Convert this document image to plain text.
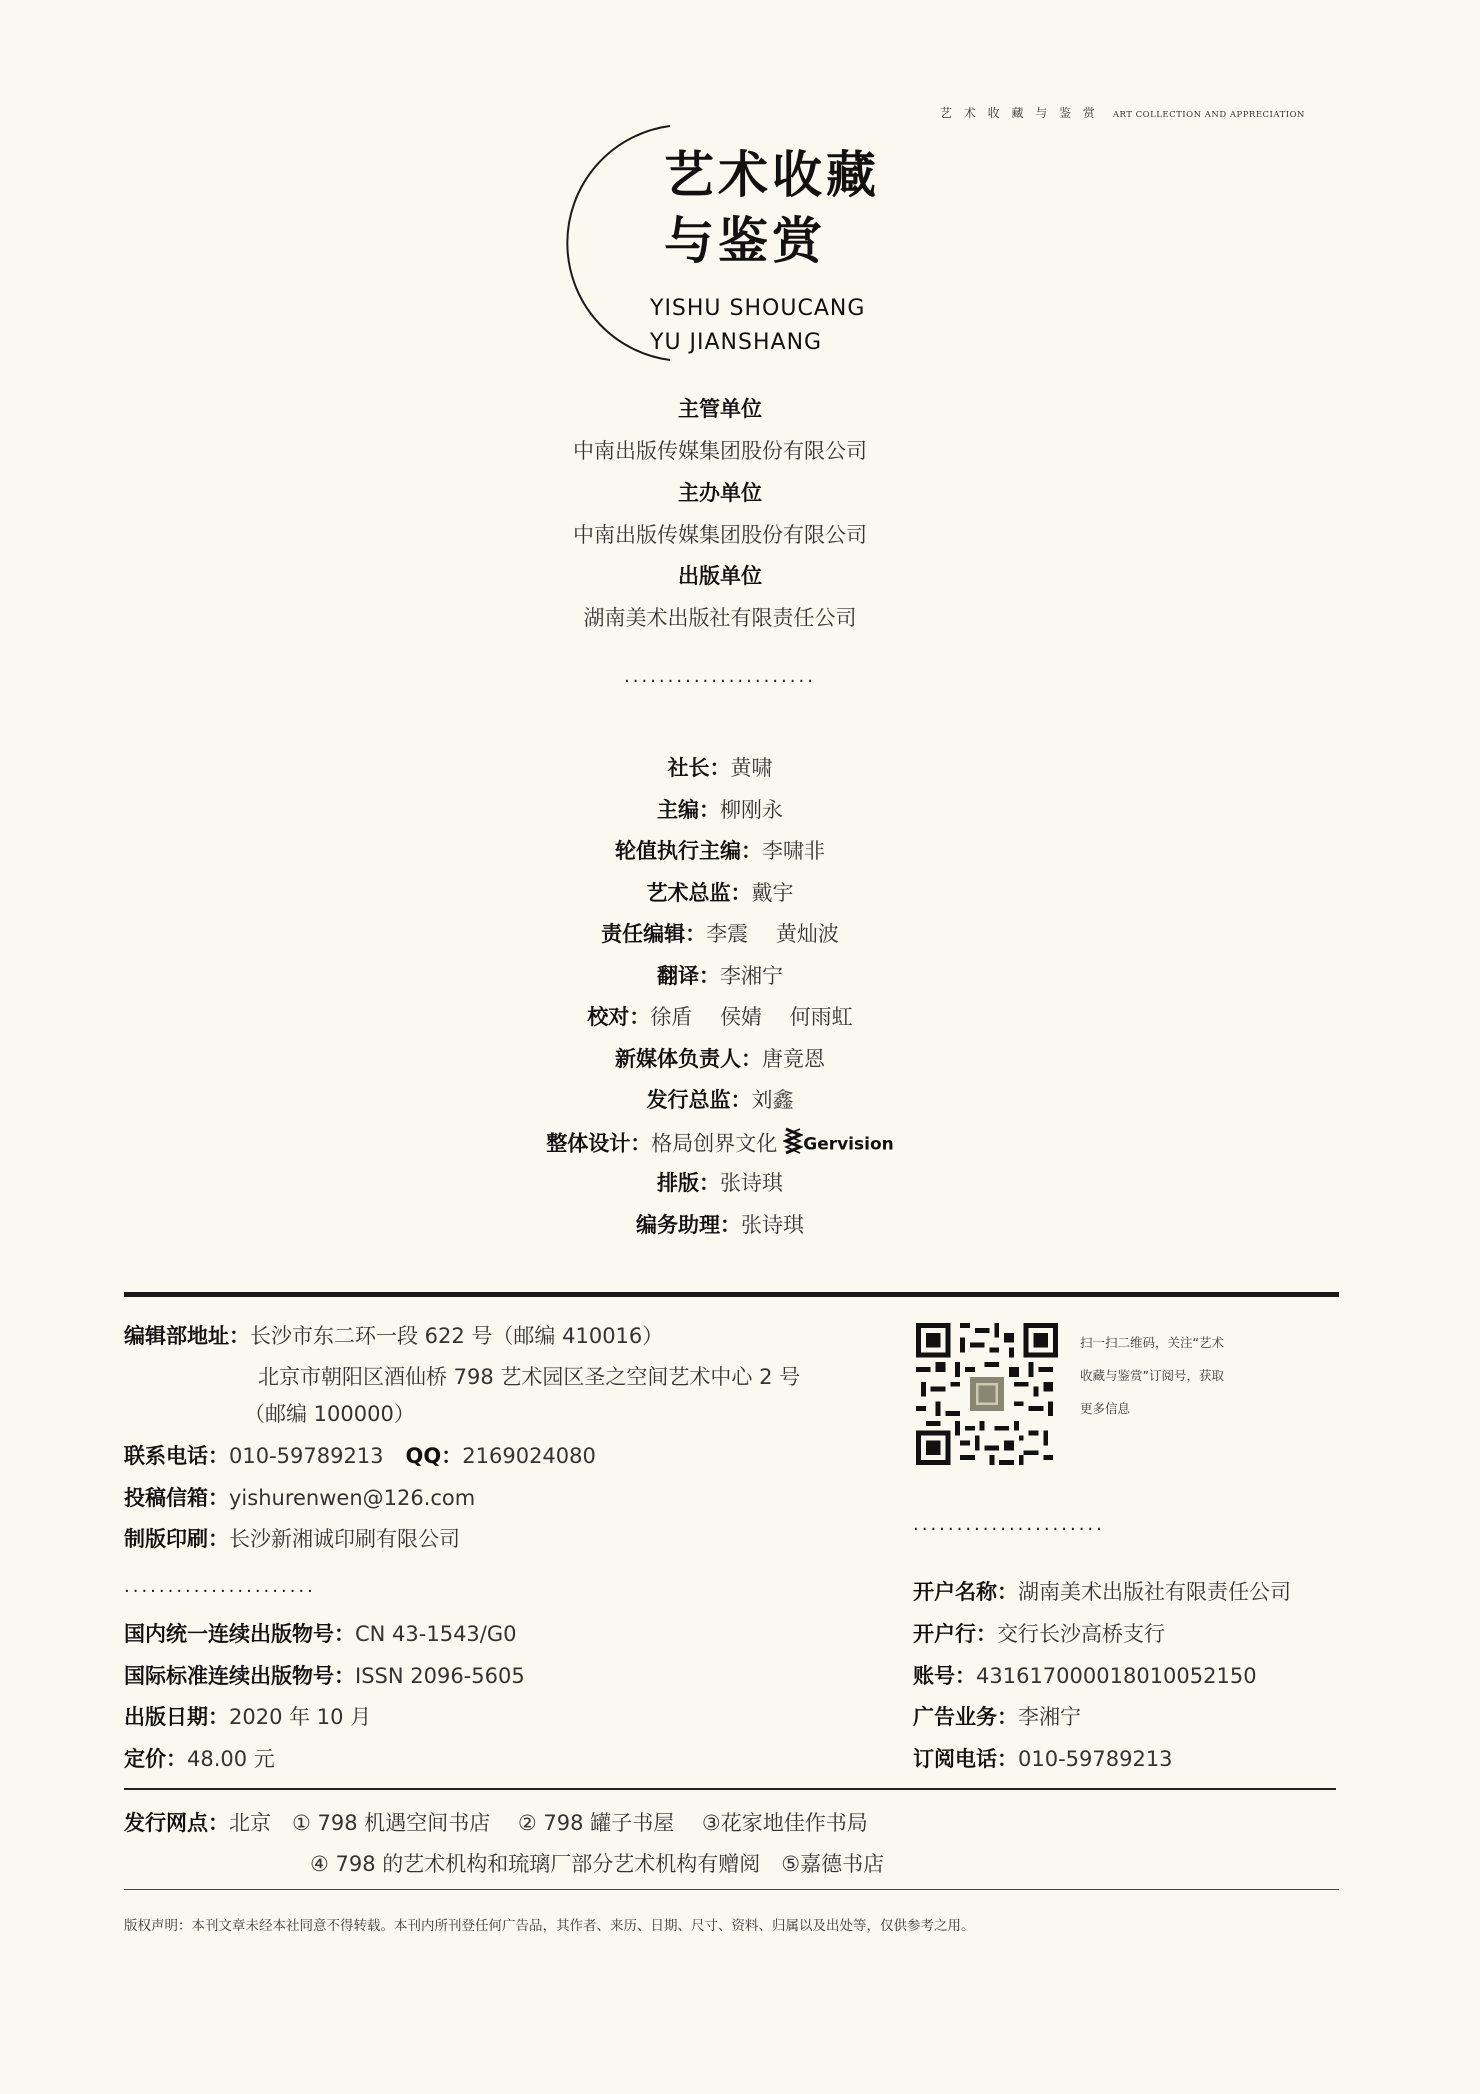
艺 术 收 藏 与 鉴 赏 ART COLLECTION AND APPRECIATION
艺术收藏
与鉴赏
YISHU SHOUCANG
YU JIANSHANG
主管单位
中南出版传媒集团股份有限公司
主办单位
中南出版传媒集团股份有限公司
出版单位
湖南美术出版社有限责任公司
......................
社长：黄啸
主编：柳刚永
轮值执行主编：李啸非
艺术总监：戴宇
责任编辑：李震　 黄灿波
翻译：李湘宁
校对：徐盾　 侯婧　 何雨虹
新媒体负责人：唐竟恩
发行总监：刘鑫
整体设计：格局创界文化 Gervision
排版：张诗琪
编务助理：张诗琪
编辑部地址：长沙市东二环一段 622 号（邮编 410016）
北京市朝阳区酒仙桥 798 艺术园区圣之空间艺术中心 2 号
（邮编 100000）
联系电话：010-59789213 QQ：2169024080
投稿信箱：yishurenwen@126.com
制版印刷：长沙新湘诚印刷有限公司
扫一扫二维码，关注“艺术
收藏与鉴赏”订阅号，获取
更多信息
......................
......................
国内统一连续出版物号：CN 43-1543/G0
国际标准连续出版物号：ISSN 2096-5605
出版日期：2020 年 10 月
定价：48.00 元
开户名称：湖南美术出版社有限责任公司
开户行：交行长沙高桥支行
账号：431617000018010052150
广告业务：李湘宁
订阅电话：010-59789213
发行网点：北京　① 798 机遇空间书店　 ② 798 罐子书屋　 ③花家地佳作书局
④ 798 的艺术机构和琉璃厂部分艺术机构有赠阅　⑤嘉德书店
版权声明：本刊文章未经本社同意不得转载。本刊内所刊登任何广告品，其作者、来历、日期、尺寸、资料、归属以及出处等，仅供参考之用。
